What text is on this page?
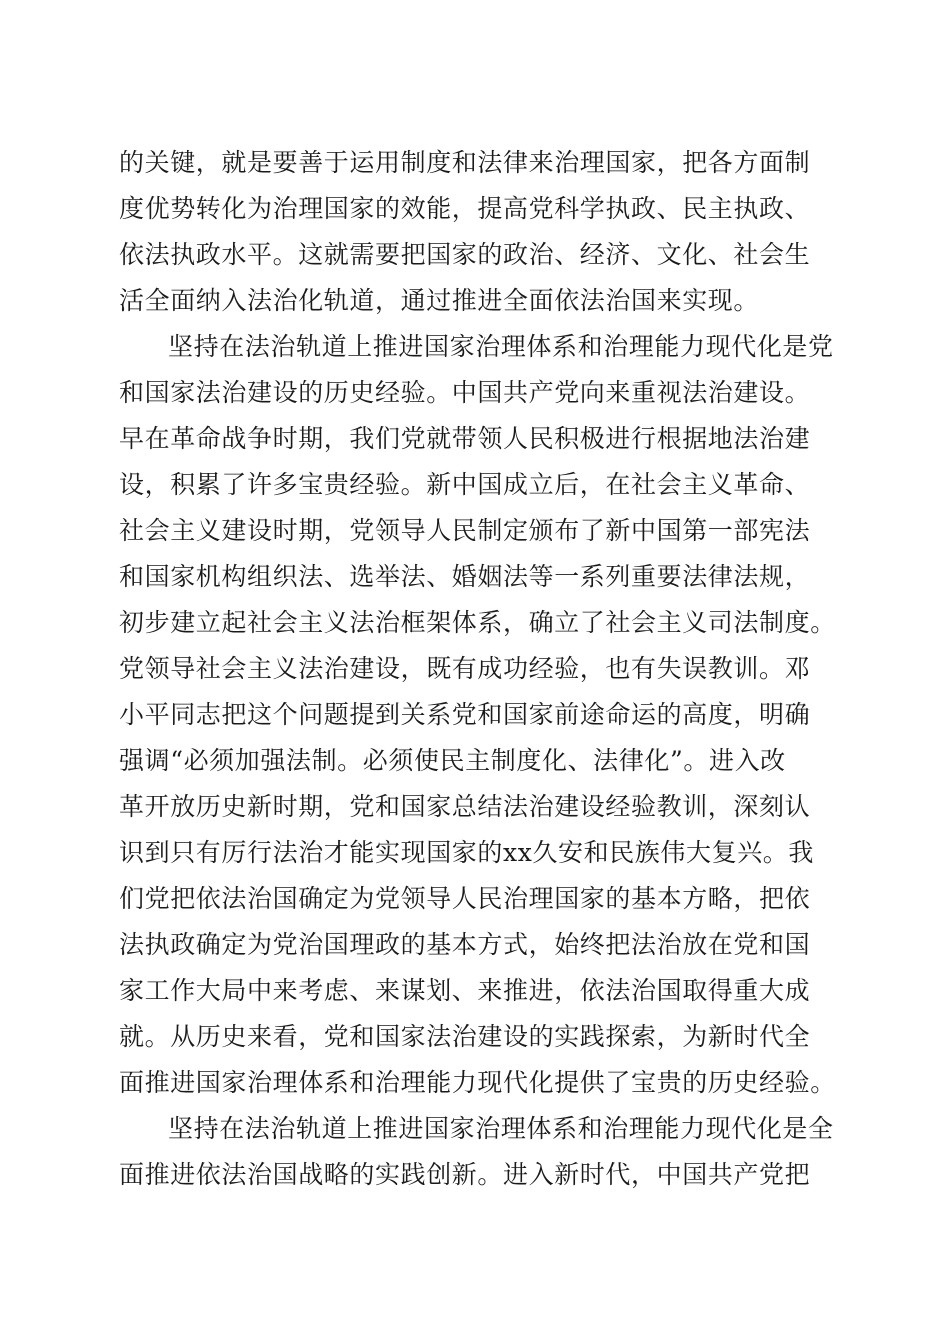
的关键，就是要善于运用制度和法律来治理国家，把各方面制
度优势转化为治理国家的效能，提高党科学执政、民主执政、
依法执政水平。这就需要把国家的政治、经济、文化、社会生
活全面纳入法治化轨道，通过推进全面依法治国来实现。
坚持在法治轨道上推进国家治理体系和治理能力现代化是党
和国家法治建设的历史经验。中国共产党向来重视法治建设。
早在革命战争时期，我们党就带领人民积极进行根据地法治建
设，积累了许多宝贵经验。新中国成立后，在社会主义革命、
社会主义建设时期，党领导人民制定颁布了新中国第一部宪法
和国家机构组织法、选举法、婚姻法等一系列重要法律法规，
初步建立起社会主义法治框架体系，确立了社会主义司法制度。
党领导社会主义法治建设，既有成功经验，也有失误教训。邓
小平同志把这个问题提到关系党和国家前途命运的高度，明确
强调“必须加强法制。必须使民主制度化、法律化”。进入改
革开放历史新时期，党和国家总结法治建设经验教训，深刻认
识到只有厉行法治才能实现国家的xx久安和民族伟大复兴。我
们党把依法治国确定为党领导人民治理国家的基本方略，把依
法执政确定为党治国理政的基本方式，始终把法治放在党和国
家工作大局中来考虑、来谋划、来推进，依法治国取得重大成
就。从历史来看，党和国家法治建设的实践探索，为新时代全
面推进国家治理体系和治理能力现代化提供了宝贵的历史经验。
坚持在法治轨道上推进国家治理体系和治理能力现代化是全
面推进依法治国战略的实践创新。进入新时代，中国共产党把
